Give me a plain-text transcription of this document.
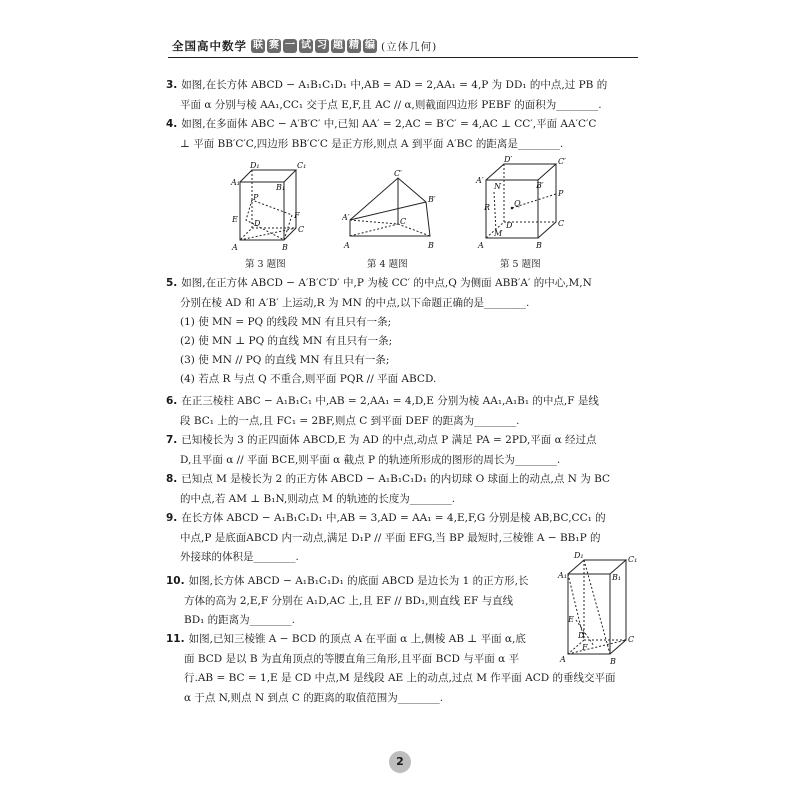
全国高中数学 联 赛 一 试 习 题 精 编 (立体几何)
3. 如图,在长方体 ABCD − A₁B₁C₁D₁ 中,AB = AD = 2,AA₁ = 4,P 为 DD₁ 的中点,过 PB 的
平面 α 分别与棱 AA₁,CC₁ 交于点 E,F,且 AC // α,则截面四边形 PEBF 的面积为________.
4. 如图,在多面体 ABC − A′B′C′ 中,已知 AA′ = 2,AC = B′C′ = 4,AC ⊥ CC′,平面 AA′C′C
⊥ 平面 BB′C′C,四边形 BB′C′C 是正方形,则点 A 到平面 A′BC 的距离是________.
A₁
D₁	C₁
B₁
P
E	F
D
C
A	B
C′
B′
A′	C
A	B
D′	C′
A′
B′
N
P
R	Q
D	C
M
A	B
第 3 题图	第 4 题图	第 5 题图
5. 如图,在正方体 ABCD − A′B′C′D′ 中,P 为棱 CC′ 的中点,Q 为侧面 ABB′A′ 的中心,M,N
分别在棱 AD 和 A′B′ 上运动,R 为 MN 的中点,以下命题正确的是________.
(1) 使 MN = PQ 的线段 MN 有且只有一条;
(2) 使 MN ⊥ PQ 的直线 MN 有且只有一条;
(3) 使 MN // PQ 的直线 MN 有且只有一条;
(4) 若点 R 与点 Q 不重合,则平面 PQR // 平面 ABCD.
6. 在正三棱柱 ABC − A₁B₁C₁ 中,AB = 2,AA₁ = 4,D,E 分别为棱 AA₁,A₁B₁ 的中点,F 是线
段 BC₁ 上的一点,且 FC₁ = 2BF,则点 C 到平面 DEF 的距离为________.
7. 已知棱长为 3 的正四面体 ABCD,E 为 AD 的中点,动点 P 满足 PA = 2PD,平面 α 经过点
D,且平面 α // 平面 BCE,则平面 α 截点 P 的轨迹所形成的图形的周长为________.
8. 已知点 M 是棱长为 2 的正方体 ABCD − A₁B₁C₁D₁ 的内切球 O 球面上的动点,点 N 为 BC
的中点,若 AM ⊥ B₁N,则动点 M 的轨迹的长度为________.
9. 在长方体 ABCD − A₁B₁C₁D₁ 中,AB = 3,AD = AA₁ = 4,E,F,G 分别是棱 AB,BC,CC₁ 的
中点,P 是底面ABCD 内一动点,满足 D₁P // 平面 EFG,当 BP 最短时,三棱锥 A − BB₁P 的
外接球的体积是________.
10. 如图,长方体 ABCD − A₁B₁C₁D₁ 的底面 ABCD 是边长为 1 的正方形,长
方体的高为 2,E,F 分别在 A₁D,AC 上,且 EF // BD₁,则直线 EF 与直线
BD₁ 的距离为________.
11. 如图,已知三棱锥 A − BCD 的顶点 A 在平面 α 上,侧棱 AB ⊥ 平面 α,底
面 BCD 是以 B 为直角顶点的等腰直角三角形,且平面 BCD 与平面 α 平
行.AB = BC = 1,E 是 CD 中点,M 是线段 AE 上的动点,过点 M 作平面 ACD 的垂线交平面
α 于点 N,则点 N 到点 C 的距离的取值范围为________.
D₁	C₁
A₁	B₁
E
D
F
C
A	B
2
